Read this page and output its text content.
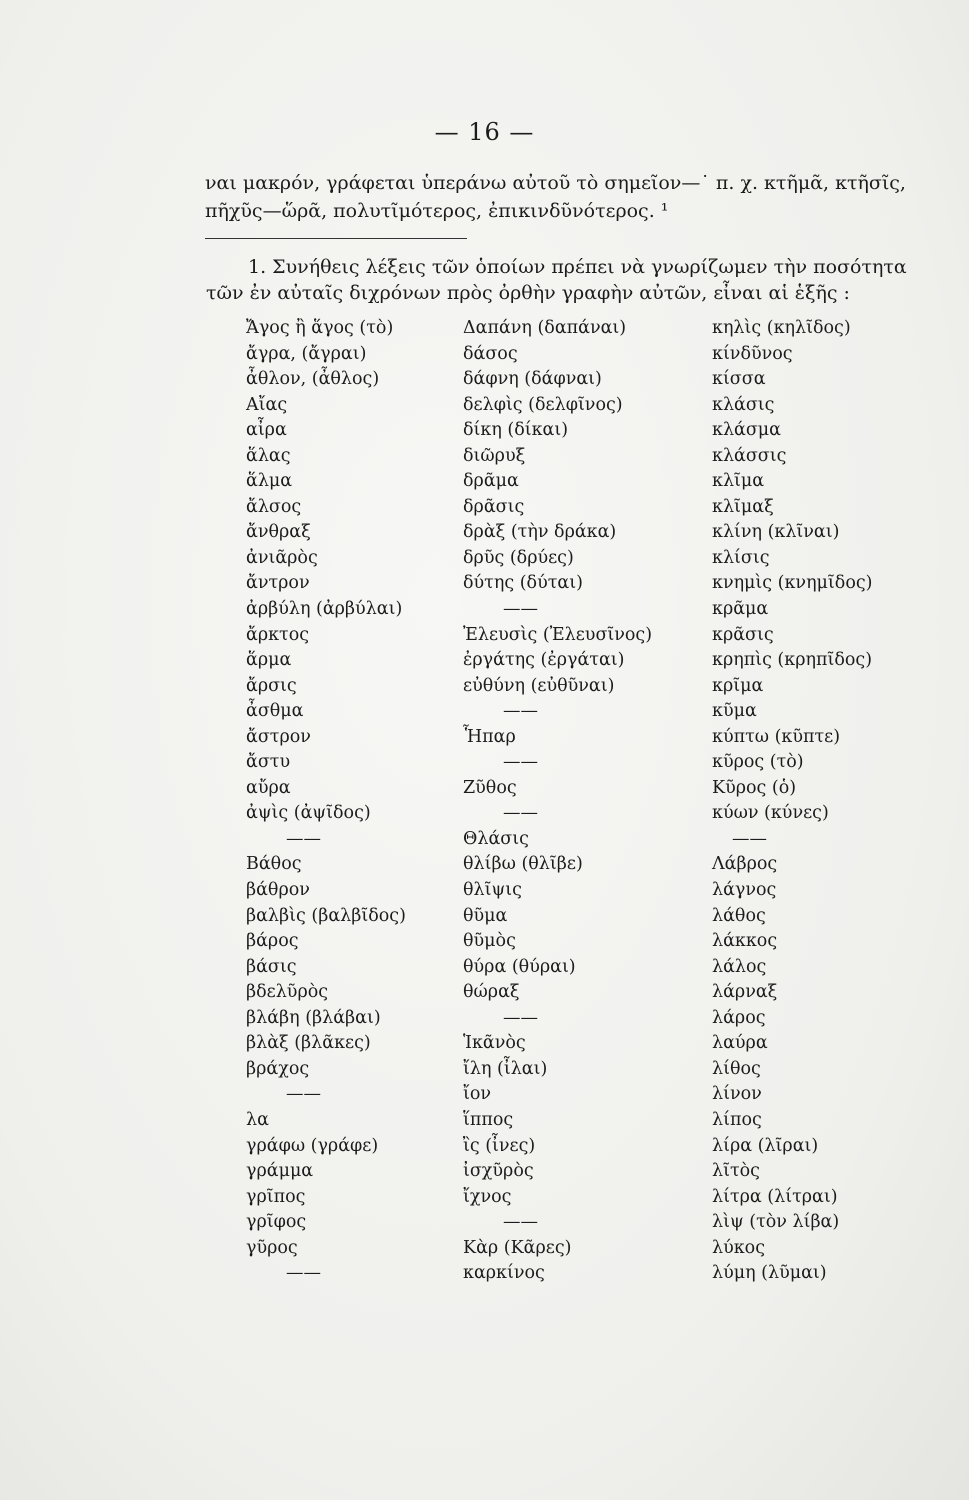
— 16 —
ναι μακρόν, γράφεται ὑπεράνω αὐτοῦ τὸ σημεῖον—˙ π. χ. κτῆμᾶ, κτῆσῖς,
πῆχῦς—ὥρᾶ, πολυτῖμότερος, ἐπικινδῦνότερος. ¹
1. Συνήθεις λέξεις τῶν ὁποίων πρέπει νὰ γνωρίζωμεν τὴν ποσότητα
τῶν ἐν αὐταῖς διχρόνων πρὸς ὀρθὴν γραφὴν αὐτῶν, εἶναι αἱ ἑξῆς :
Ἄγος ἢ ἅγος (τὸ)
ἄγρα, (ἄγραι)
ἆθλον, (ἆθλος)
Αἴας
αἶρα
ἅλας
ἅλμα
ἄλσος
ἄνθραξ
ἀνιᾶρὸς
ἄντρον
ἀρβύλη (ἀρβύλαι)
ἄρκτος
ἅρμα
ἄρσις
ἆσθμα
ἄστρον
ἄστυ
αὔρα
ἀψὶς (ἀψῖδος)
——
Βάθος
βάθρον
βαλβὶς (βαλβῖδος)
βάρος
βάσις
βδελῦρὸς
βλάβη (βλάβαι)
βλὰξ (βλᾶκες)
βράχος
——
λα
γράφω (γράφε)
γράμμα
γρῖπος
γρῖφος
γῦρος
——
Δαπάνη (δαπάναι)
δάσος
δάφνη (δάφναι)
δελφὶς (δελφῖνος)
δίκη (δίκαι)
διῶρυξ
δρᾶμα
δρᾶσις
δρὰξ (τὴν δράκα)
δρῦς (δρύες)
δύτης (δύται)
——
Ἐλευσὶς (Ἐλευσῖνος)
ἐργάτης (ἐργάται)
εὐθύνη (εὐθῦναι)
——
Ἧπαρ
——
Ζῦθος
——
Θλάσις
θλίβω (θλῖβε)
θλῖψις
θῦμα
θῦμὸς
θύρα (θύραι)
θώραξ
——
Ἱκᾶνὸς
ἴλη (ἶλαι)
ἴον
ἵππος
ἲς (ἶνες)
ἰσχῦρὸς
ἴχνος
——
Κὰρ (Κᾶρες)
καρκίνος
κηλὶς (κηλῖδος)
κίνδῦνος
κίσσα
κλάσις
κλάσμα
κλάσσις
κλῖμα
κλῖμαξ
κλίνη (κλῖναι)
κλίσις
κνημὶς (κνημῖδος)
κρᾶμα
κρᾶσις
κρηπὶς (κρηπῖδος)
κρῖμα
κῦμα
κύπτω (κῦπτε)
κῦρος (τὸ)
Κῦρος (ὁ)
κύων (κύνες)
——
Λάβρος
λάγνος
λάθος
λάκκος
λάλος
λάρναξ
λάρος
λαύρα
λίθος
λίνον
λίπος
λίρα (λῖραι)
λῖτὸς
λίτρα (λίτραι)
λὶψ (τὸν λίβα)
λύκος
λύμη (λῦμαι)
